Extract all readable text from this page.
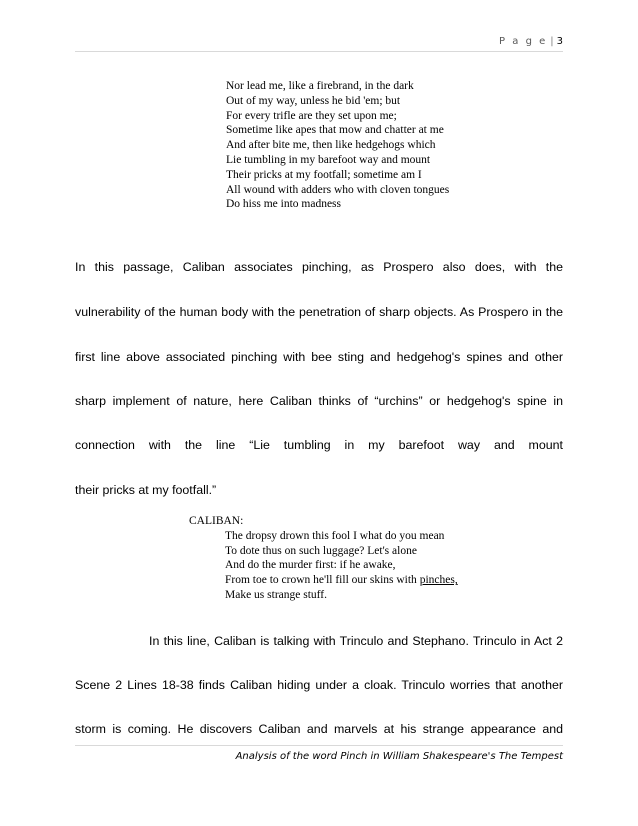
P a g e | 3
Nor lead me, like a firebrand, in the dark
Out of my way, unless he bid 'em; but
For every trifle are they set upon me;
Sometime like apes that mow and chatter at me
And after bite me, then like hedgehogs which
Lie tumbling in my barefoot way and mount
Their pricks at my footfall; sometime am I
All wound with adders who with cloven tongues
Do hiss me into madness
In this passage, Caliban associates pinching, as Prospero also does, with the
vulnerability of the human body with the penetration of sharp objects. As Prospero in the
first line above associated pinching with bee sting and hedgehog's spines and other
sharp implement of nature, here Caliban thinks of “urchins” or hedgehog's spine in
connection with the line “Lie tumbling in my barefoot way and mount
their pricks at my footfall.”
CALIBAN:
The dropsy drown this fool I what do you mean
To dote thus on such luggage? Let's alone
And do the murder first: if he awake,
From toe to crown he'll fill our skins with pinches,
Make us strange stuff.
In this line, Caliban is talking with Trinculo and Stephano. Trinculo in Act 2
Scene 2 Lines 18-38 finds Caliban hiding under a cloak. Trinculo worries that another
storm is coming. He discovers Caliban and marvels at his strange appearance and
Analysis of the word Pinch in William Shakespeare's The Tempest
